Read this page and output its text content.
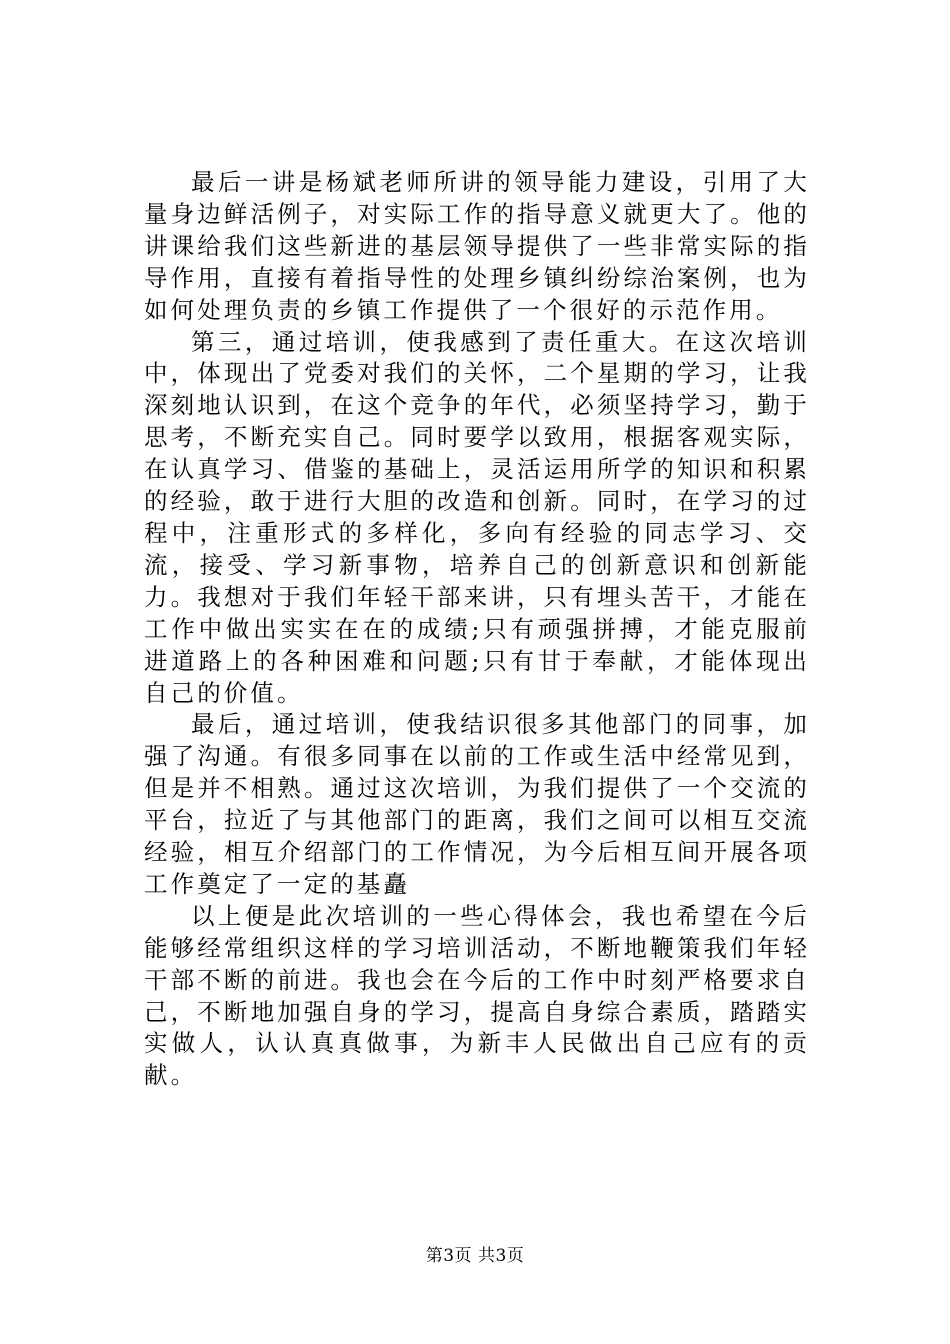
最后一讲是杨斌老师所讲的领导能力建设，引用了大量身边鲜活例子，对实际工作的指导意义就更大了。他的讲课给我们这些新进的基层领导提供了一些非常实际的指导作用，直接有着指导性的处理乡镇纠纷综治案例，也为如何处理负责的乡镇工作提供了一个很好的示范作用。

第三，通过培训，使我感到了责任重大。在这次培训中，体现出了党委对我们的关怀，二个星期的学习，让我深刻地认识到，在这个竞争的年代，必须坚持学习，勤于思考，不断充实自己。同时要学以致用，根据客观实际，在认真学习、借鉴的基础上，灵活运用所学的知识和积累的经验，敢于进行大胆的改造和创新。同时，在学习的过程中，注重形式的多样化，多向有经验的同志学习、交流，接受、学习新事物，培养自己的创新意识和创新能力。我想对于我们年轻干部来讲，只有埋头苦干，才能在工作中做出实实在在的成绩;只有顽强拼搏，才能克服前进道路上的各种困难和问题;只有甘于奉献，才能体现出自己的价值。

最后，通过培训，使我结识很多其他部门的同事，加强了沟通。有很多同事在以前的工作或生活中经常见到，但是并不相熟。通过这次培训，为我们提供了一个交流的平台，拉近了与其他部门的距离，我们之间可以相互交流经验，相互介绍部门的工作情况，为今后相互间开展各项工作奠定了一定的基矗

以上便是此次培训的一些心得体会，我也希望在今后能够经常组织这样的学习培训活动，不断地鞭策我们年轻干部不断的前进。我也会在今后的工作中时刻严格要求自己，不断地加强自身的学习，提高自身综合素质，踏踏实实做人，认认真真做事，为新丰人民做出自己应有的贡献。

第3页 共3页
